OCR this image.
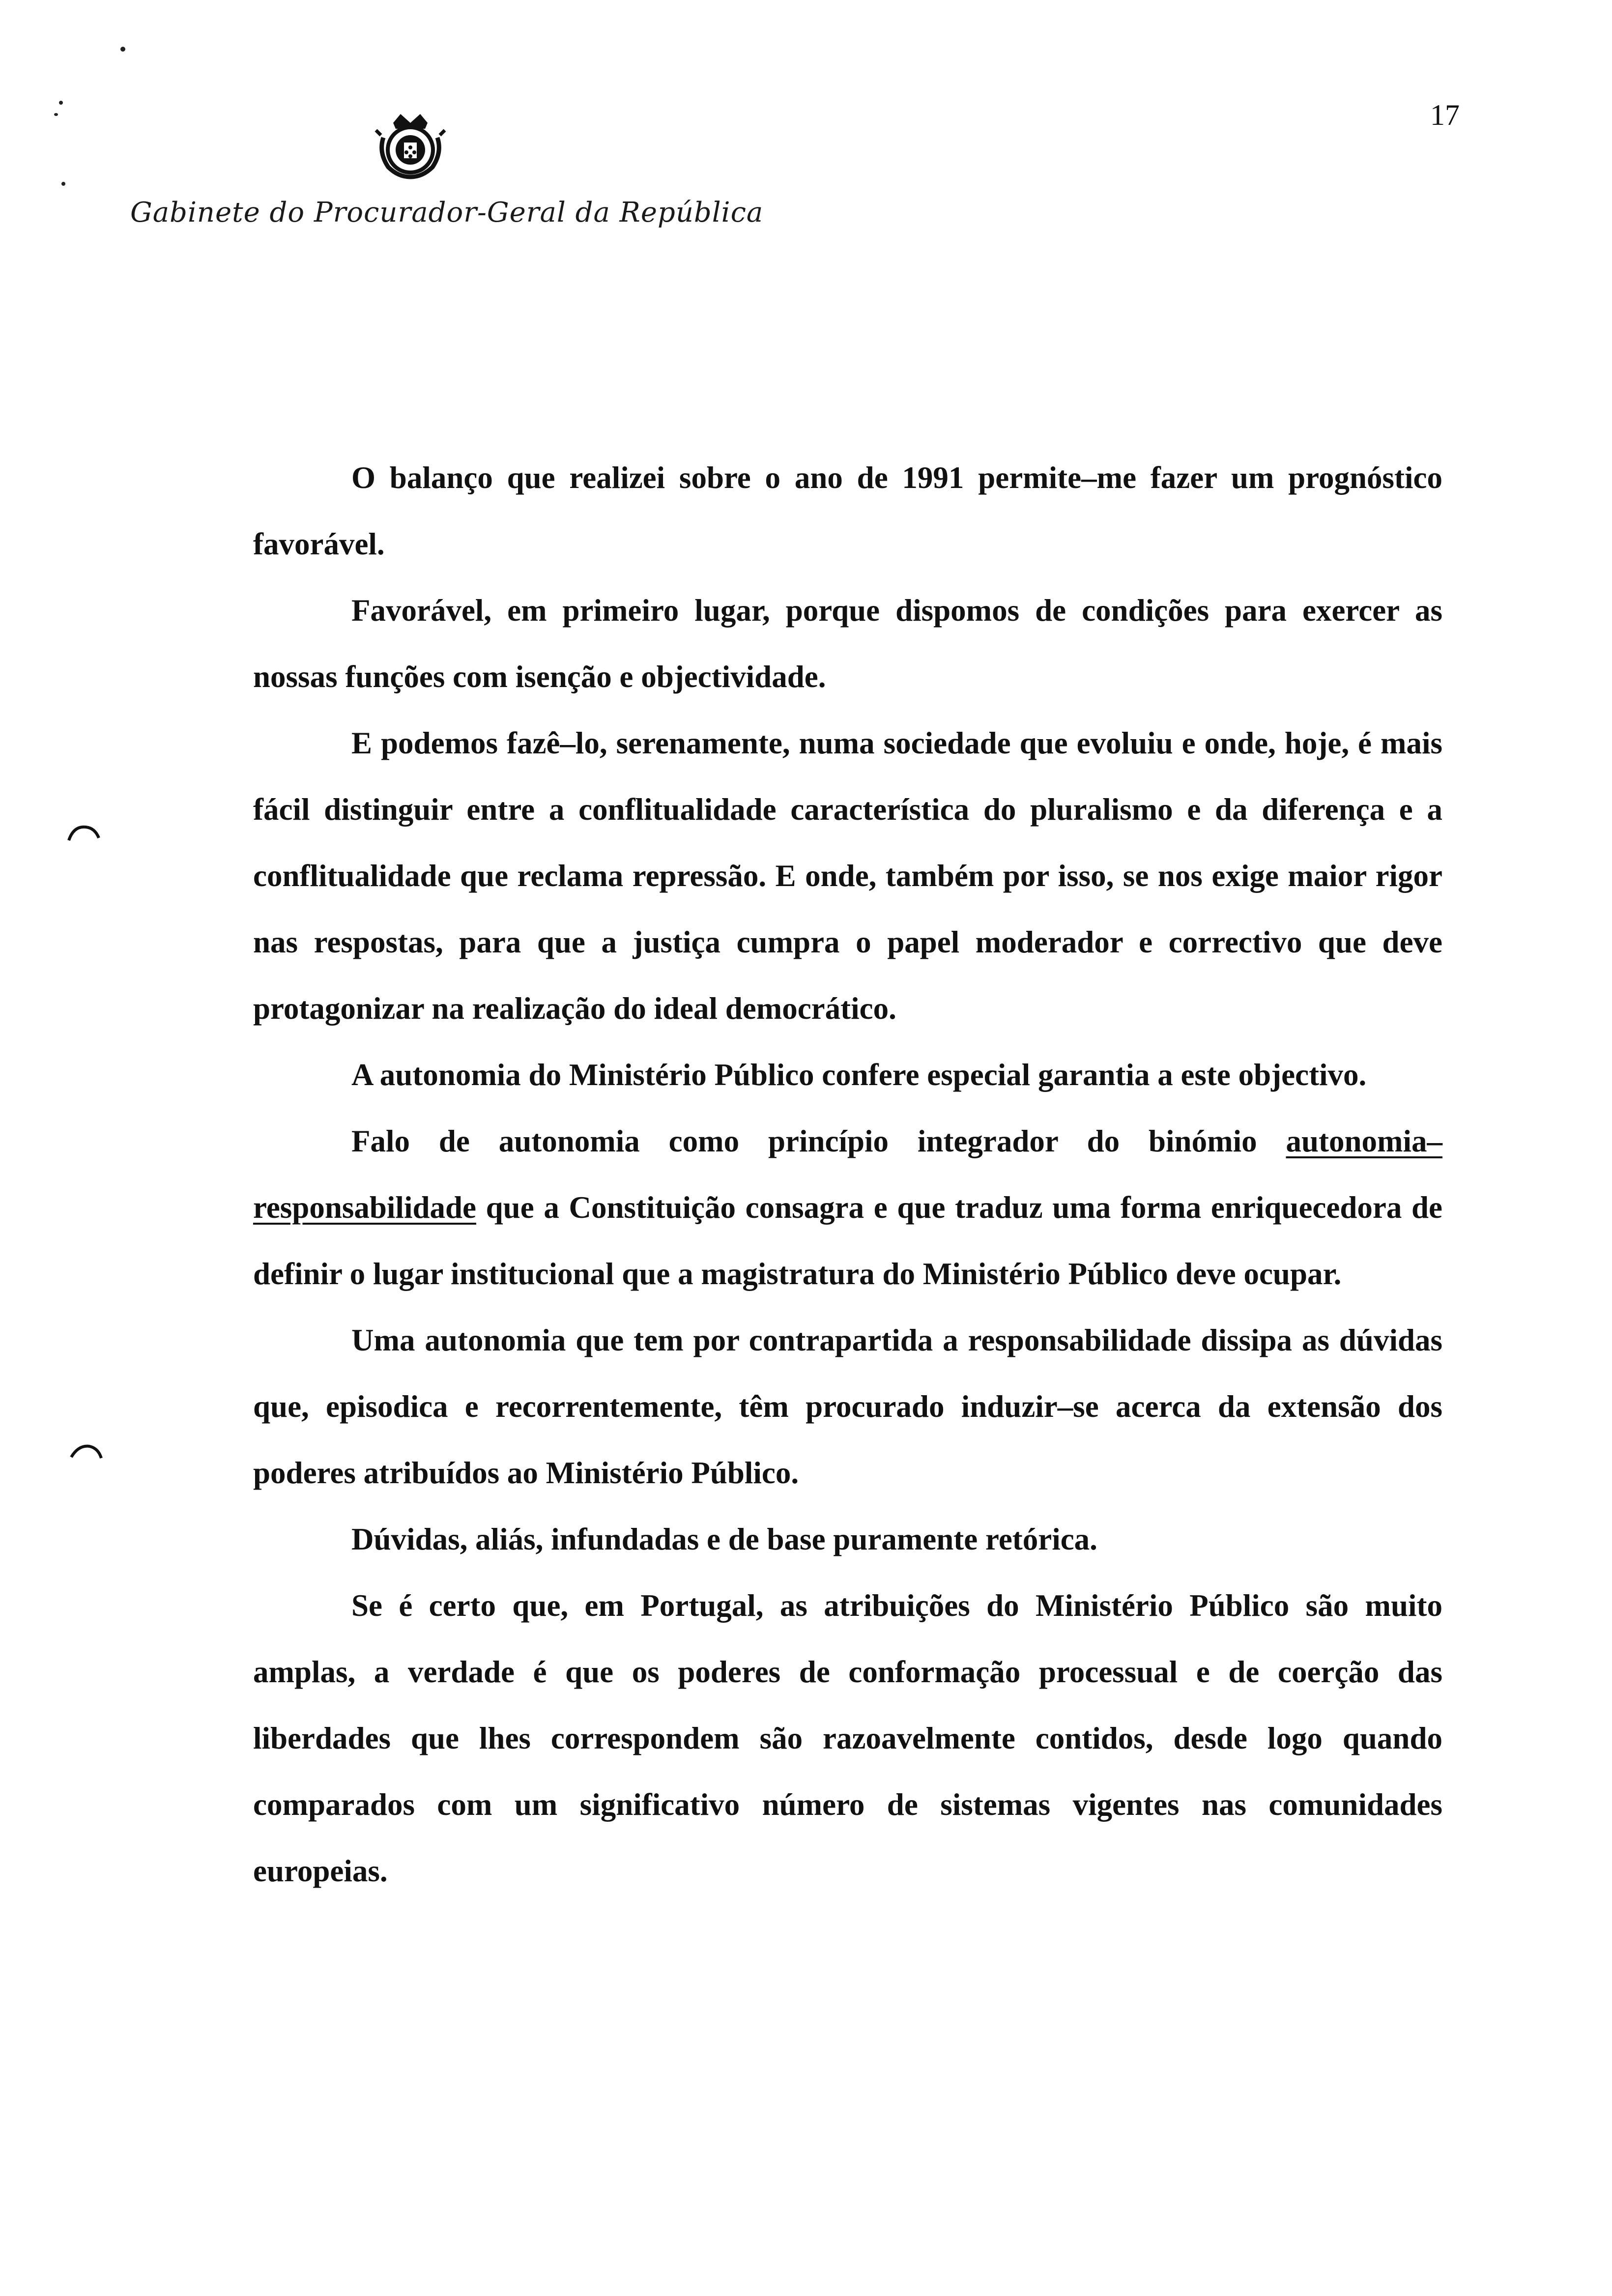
17
Gabinete do Procurador-Geral da República

O balanço que realizei sobre o ano de 1991 permite–me fazer um prognóstico favorável.

Favorável, em primeiro lugar, porque dispomos de condições para exercer as nossas funções com isenção e objectividade.

E podemos fazê–lo, serenamente, numa sociedade que evoluiu e onde, hoje, é mais fácil distinguir entre a conflitualidade característica do pluralismo e da diferença e a conflitualidade que reclama repressão. E onde, também por isso, se nos exige maior rigor nas respostas, para que a justiça cumpra o papel moderador e correctivo que deve protagonizar na realização do ideal democrático.

A autonomia do Ministério Público confere especial garantia a este objectivo.

Falo de autonomia como princípio integrador do binómio autonomia–responsabilidade que a Constituição consagra e que traduz uma forma enriquecedora de definir o lugar institucional que a magistratura do Ministério Público deve ocupar.

Uma autonomia que tem por contrapartida a responsabilidade dissipa as dúvidas que, episodica e recorrentemente, têm procurado induzir–se acerca da extensão dos poderes atribuídos ao Ministério Público.

Dúvidas, aliás, infundadas e de base puramente retórica.

Se é certo que, em Portugal, as atribuições do Ministério Público são muito amplas, a verdade é que os poderes de conformação processual e de coerção das liberdades que lhes correspondem são razoavelmente contidos, desde logo quando comparados com um significativo número de sistemas vigentes nas comunidades europeias.
